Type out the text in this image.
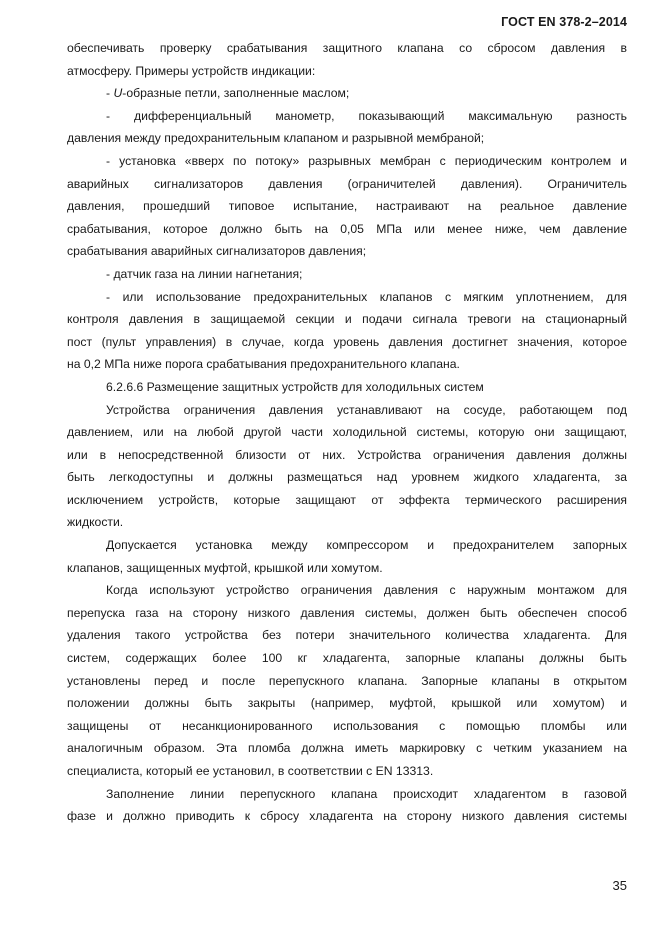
ГОСТ EN 378-2–2014
обеспечивать проверку срабатывания защитного клапана со сбросом давления в
атмосферу. Примеры устройств индикации:
- U-образные петли, заполненные маслом;
- дифференциальный манометр, показывающий максимальную разность
давления между предохранительным клапаном и разрывной мембраной;
- установка «вверх по потоку» разрывных мембран с периодическим контролем и
аварийных сигнализаторов давления (ограничителей давления). Ограничитель
давления, прошедший типовое испытание, настраивают на реальное давление
срабатывания, которое должно быть на 0,05 МПа или менее ниже, чем давление
срабатывания аварийных сигнализаторов давления;
- датчик газа на линии нагнетания;
- или использование предохранительных клапанов с мягким уплотнением, для
контроля давления в защищаемой секции и подачи сигнала тревоги на стационарный
пост (пульт управления) в случае, когда уровень давления достигнет значения, которое
на 0,2 МПа ниже порога срабатывания предохранительного клапана.
6.2.6.6 Размещение защитных устройств для холодильных систем
Устройства ограничения давления устанавливают на сосуде, работающем под
давлением, или на любой другой части холодильной системы, которую они защищают,
или в непосредственной близости от них. Устройства ограничения давления должны
быть легкодоступны и должны размещаться над уровнем жидкого хладагента, за
исключением устройств, которые защищают от эффекта термического расширения
жидкости.
Допускается установка между компрессором и предохранителем запорных
клапанов, защищенных муфтой, крышкой или хомутом.
Когда используют устройство ограничения давления с наружным монтажом для
перепуска газа на сторону низкого давления системы, должен быть обеспечен способ
удаления такого устройства без потери значительного количества хладагента. Для
систем, содержащих более 100 кг хладагента, запорные клапаны должны быть
установлены перед и после перепускного клапана. Запорные клапаны в открытом
положении должны быть закрыты (например, муфтой, крышкой или хомутом) и
защищены от несанкционированного использования с помощью пломбы или
аналогичным образом. Эта пломба должна иметь маркировку с четким указанием на
специалиста, который ее установил, в соответствии с EN 13313.
Заполнение линии перепускного клапана происходит хладагентом в газовой
фазе и должно приводить к сбросу хладагента на сторону низкого давления системы
35
